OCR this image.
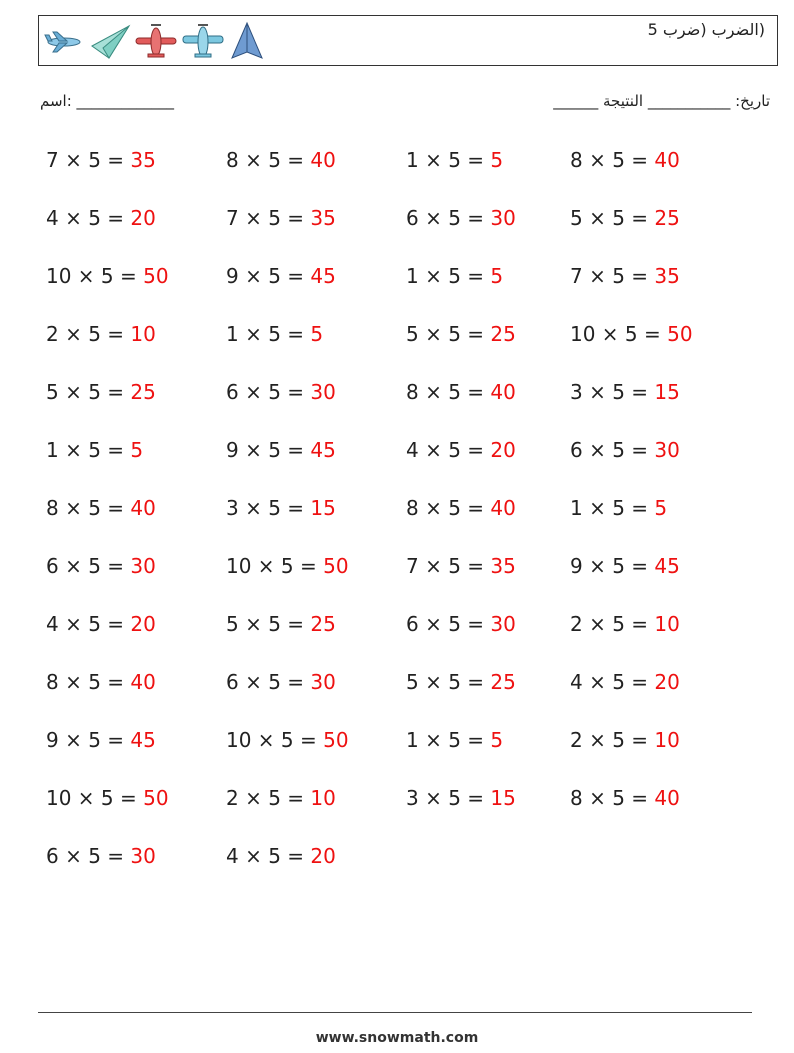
(الضرب (ضرب 5
اسم: _____________	تاريخ: ___________ النتيجة ______
7 × 5 = 35	8 × 5 = 40	1 × 5 = 5	8 × 5 = 40
4 × 5 = 20	7 × 5 = 35	6 × 5 = 30	5 × 5 = 25
10 × 5 = 50	9 × 5 = 45	1 × 5 = 5	7 × 5 = 35
2 × 5 = 10	1 × 5 = 5	5 × 5 = 25	10 × 5 = 50
5 × 5 = 25	6 × 5 = 30	8 × 5 = 40	3 × 5 = 15
1 × 5 = 5	9 × 5 = 45	4 × 5 = 20	6 × 5 = 30
8 × 5 = 40	3 × 5 = 15	8 × 5 = 40	1 × 5 = 5
6 × 5 = 30	10 × 5 = 50	7 × 5 = 35	9 × 5 = 45
4 × 5 = 20	5 × 5 = 25	6 × 5 = 30	2 × 5 = 10
8 × 5 = 40	6 × 5 = 30	5 × 5 = 25	4 × 5 = 20
9 × 5 = 45	10 × 5 = 50	1 × 5 = 5	2 × 5 = 10
10 × 5 = 50	2 × 5 = 10	3 × 5 = 15	8 × 5 = 40
6 × 5 = 30	4 × 5 = 20
www.snowmath.com
